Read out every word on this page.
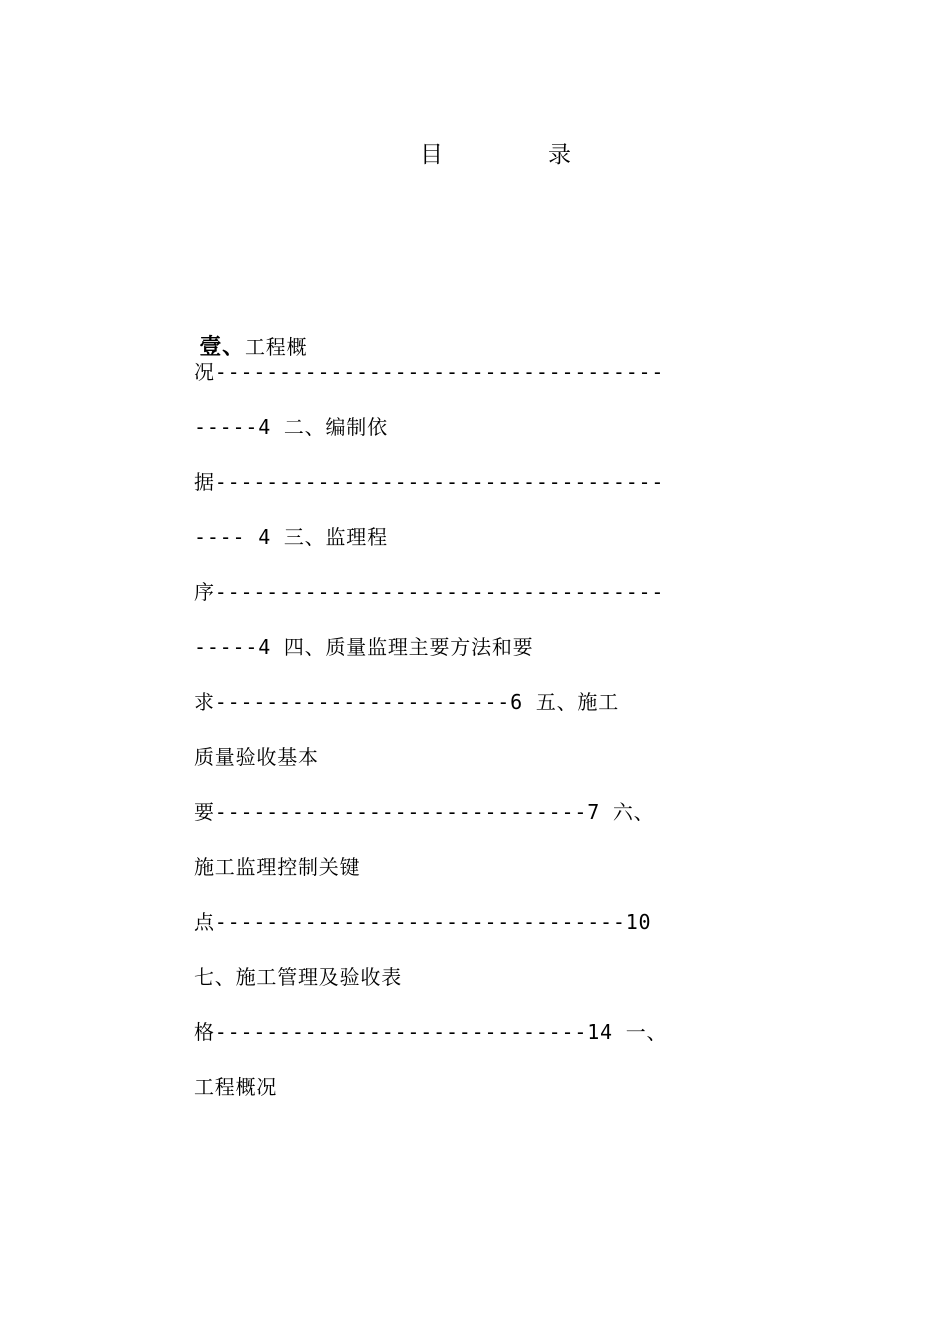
目	录

壹、工程概

况-----------------------------------
-----4 二、编制依
据-----------------------------------
---- 4 三、监理程
序-----------------------------------
-----4 四、质量监理主要方法和要
求-----------------------6 五、施工
质量验收基本
要-----------------------------7 六、
施工监理控制关键
点--------------------------------10
七、施工管理及验收表
格-----------------------------14 一、
工程概况
